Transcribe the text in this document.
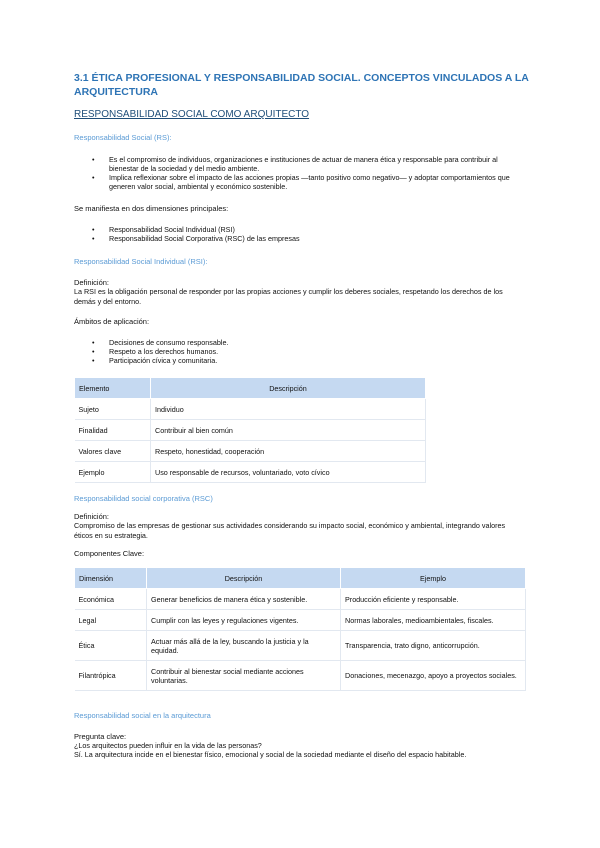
3.1 ÉTICA PROFESIONAL Y RESPONSABILIDAD SOCIAL. CONCEPTOS VINCULADOS A LA ARQUITECTURA
RESPONSABILIDAD SOCIAL COMO ARQUITECTO
Responsabilidad Social (RS):
• Es el compromiso de individuos, organizaciones e instituciones de actuar de manera ética y responsable para contribuir al bienestar de la sociedad y del medio ambiente.
• Implica reflexionar sobre el impacto de las acciones propias —tanto positivo como negativo— y adoptar comportamientos que generen valor social, ambiental y económico sostenible.
Se manifiesta en dos dimensiones principales:
• Responsabilidad Social Individual (RSI)
• Responsabilidad Social Corporativa (RSC) de las empresas
Responsabilidad Social Individual (RSI):
Definición:
La RSI es la obligación personal de responder por las propias acciones y cumplir los deberes sociales, respetando los derechos de los demás y del entorno.
Ámbitos de aplicación:
• Decisiones de consumo responsable.
• Respeto a los derechos humanos.
• Participación cívica y comunitaria.
Elemento	Descripción
Sujeto	Individuo
Finalidad	Contribuir al bien común
Valores clave	Respeto, honestidad, cooperación
Ejemplo	Uso responsable de recursos, voluntariado, voto cívico
Responsabilidad social corporativa (RSC)
Definición:
Compromiso de las empresas de gestionar sus actividades considerando su impacto social, económico y ambiental, integrando valores éticos en su estrategia.
Componentes Clave:
Dimensión	Descripción	Ejemplo
Económica	Generar beneficios de manera ética y sostenible.	Producción eficiente y responsable.
Legal	Cumplir con las leyes y regulaciones vigentes.	Normas laborales, medioambientales, fiscales.
Ética	Actuar más allá de la ley, buscando la justicia y la equidad.	Transparencia, trato digno, anticorrupción.
Filantrópica	Contribuir al bienestar social mediante acciones voluntarias.	Donaciones, mecenazgo, apoyo a proyectos sociales.
Responsabilidad social en la arquitectura
Pregunta clave:
¿Los arquitectos pueden influir en la vida de las personas?
Sí. La arquitectura incide en el bienestar físico, emocional y social de la sociedad mediante el diseño del espacio habitable.
